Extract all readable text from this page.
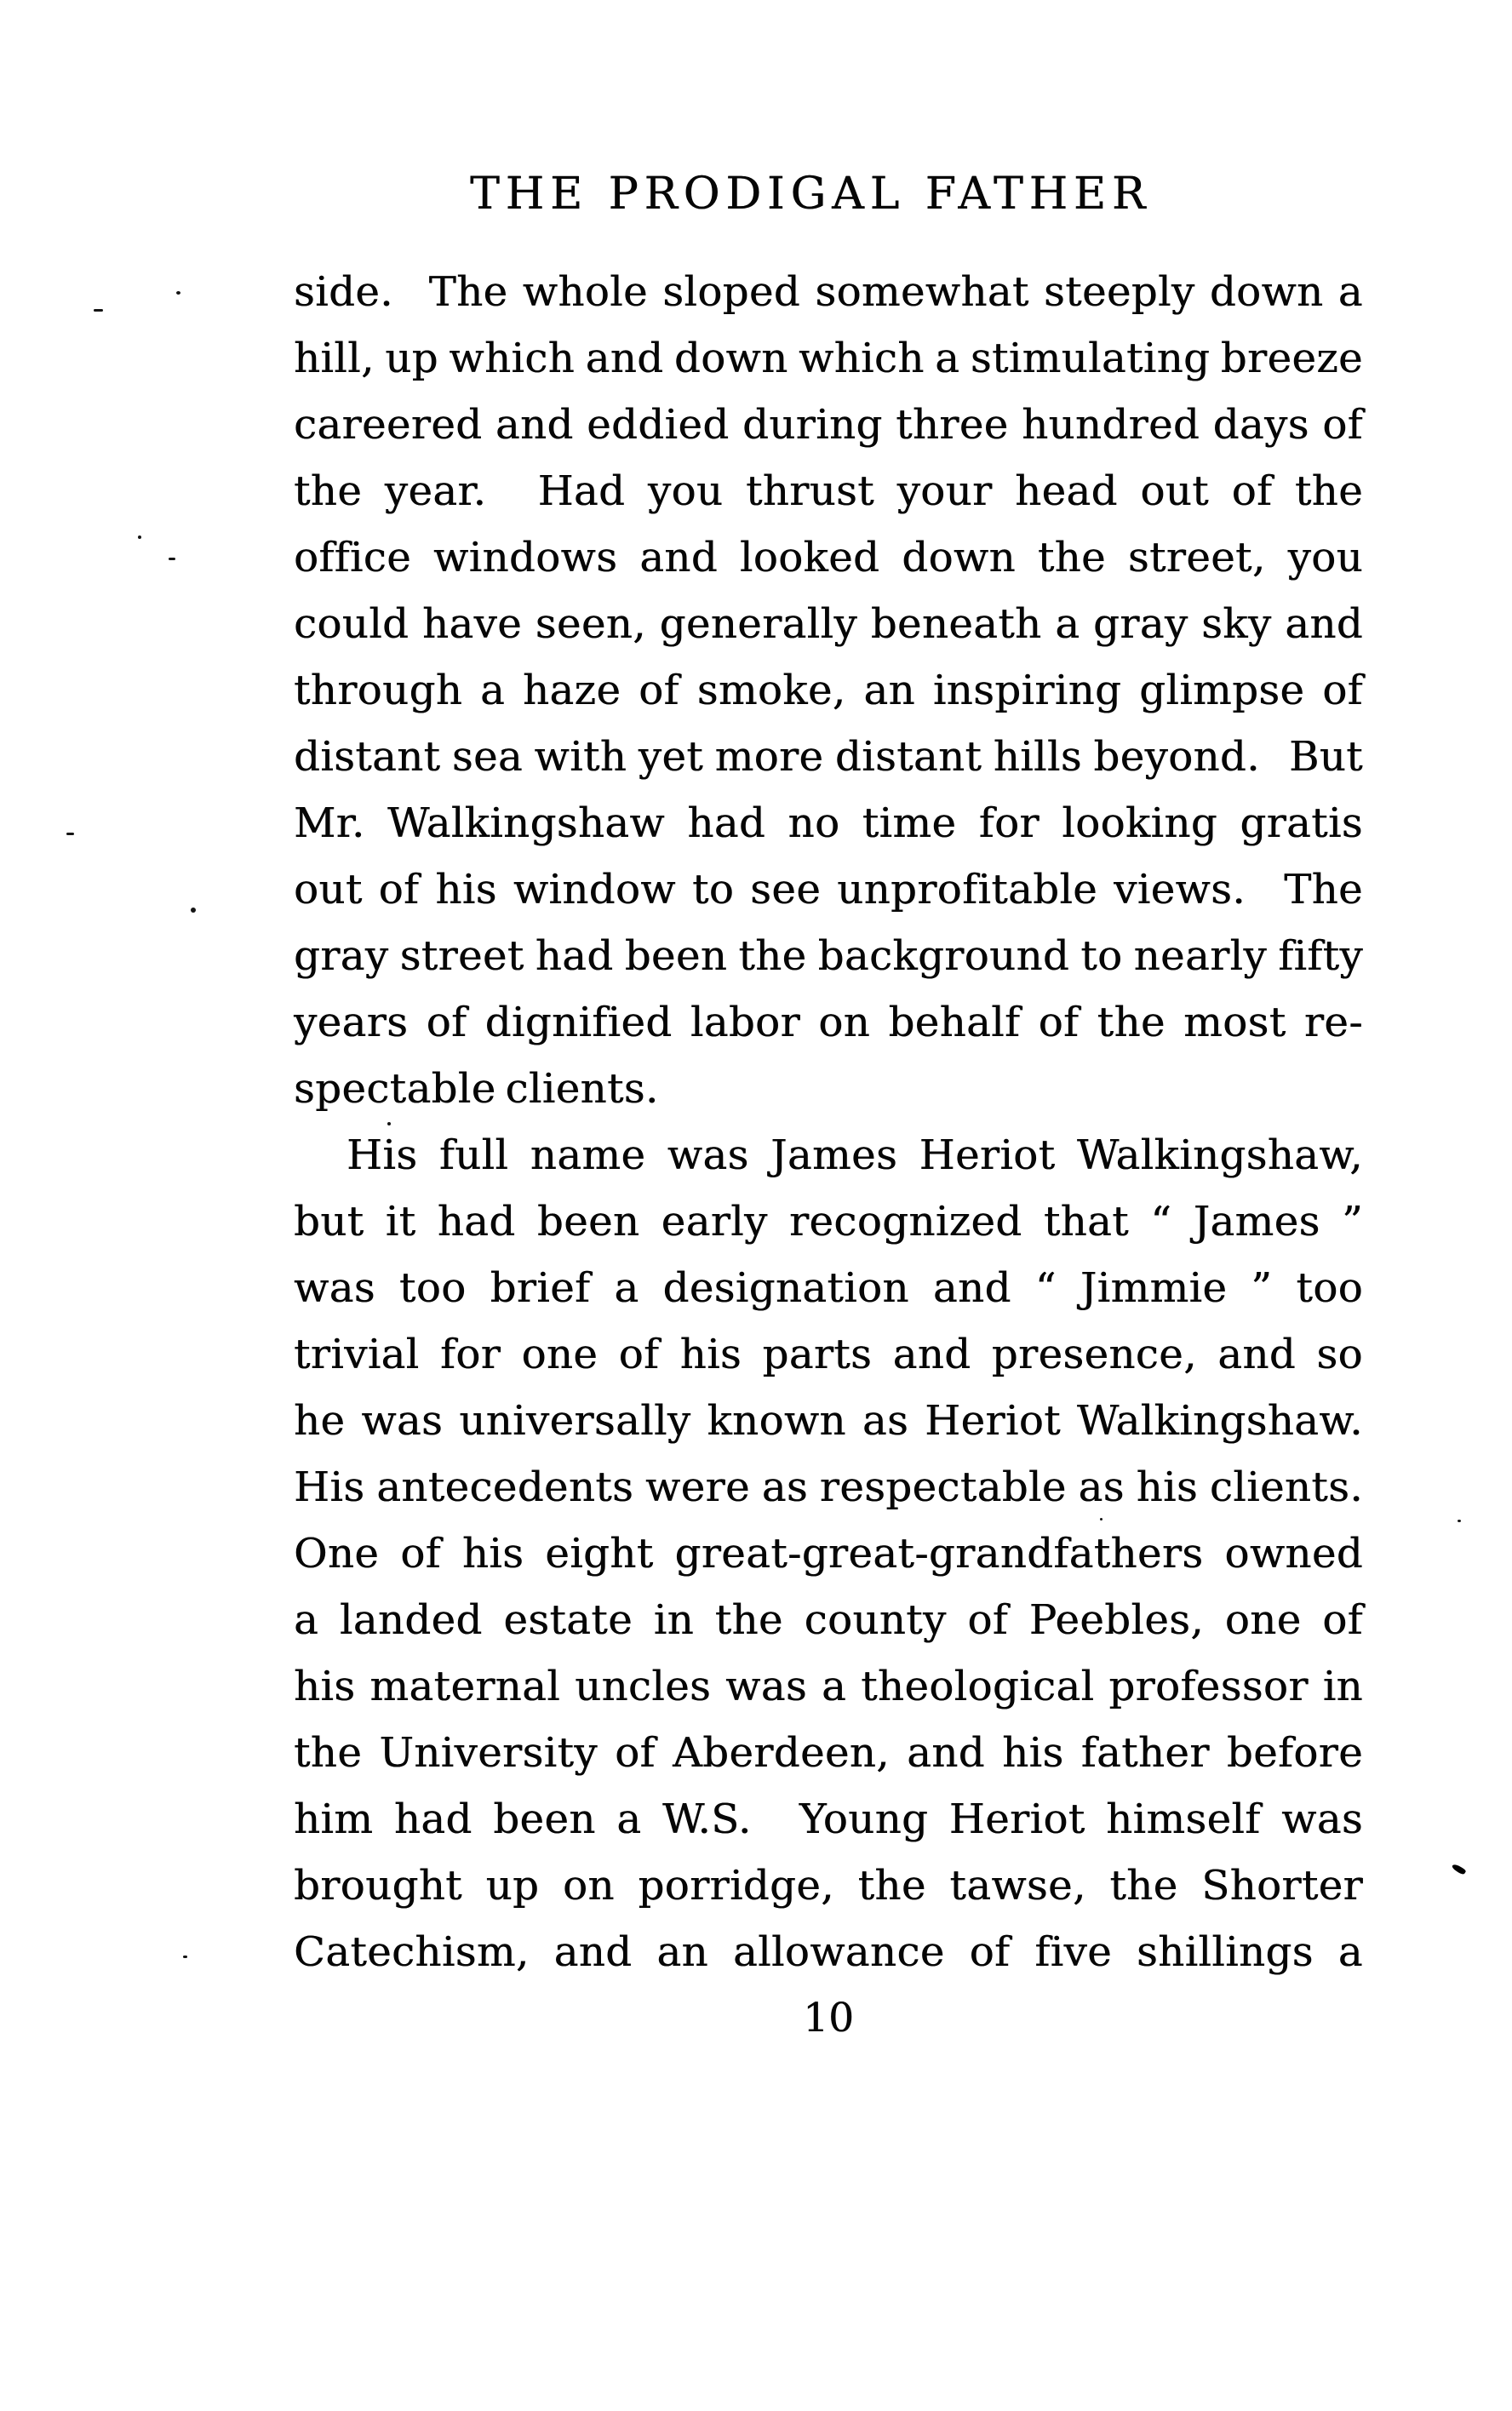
THE PRODIGAL FATHER
side. The whole sloped somewhat steeply down a
hill, up which and down which a stimulating breeze
careered and eddied during three hundred days of
the year. Had you thrust your head out of the
office windows and looked down the street, you
could have seen, generally beneath a gray sky and
through a haze of smoke, an inspiring glimpse of
distant sea with yet more distant hills beyond. But
Mr. Walkingshaw had no time for looking gratis
out of his window to see unprofitable views. The
gray street had been the background to nearly fifty
years of dignified labor on behalf of the most re-
spectable clients.
His full name was James Heriot Walkingshaw,
but it had been early recognized that “ James ”
was too brief a designation and “ Jimmie ” too
trivial for one of his parts and presence, and so
he was universally known as Heriot Walkingshaw.
His antecedents were as respectable as his clients.
One of his eight great-great-grandfathers owned
a landed estate in the county of Peebles, one of
his maternal uncles was a theological professor in
the University of Aberdeen, and his father before
him had been a W.S. Young Heriot himself was
brought up on porridge, the tawse, the Shorter
Catechism, and an allowance of five shillings a
10
